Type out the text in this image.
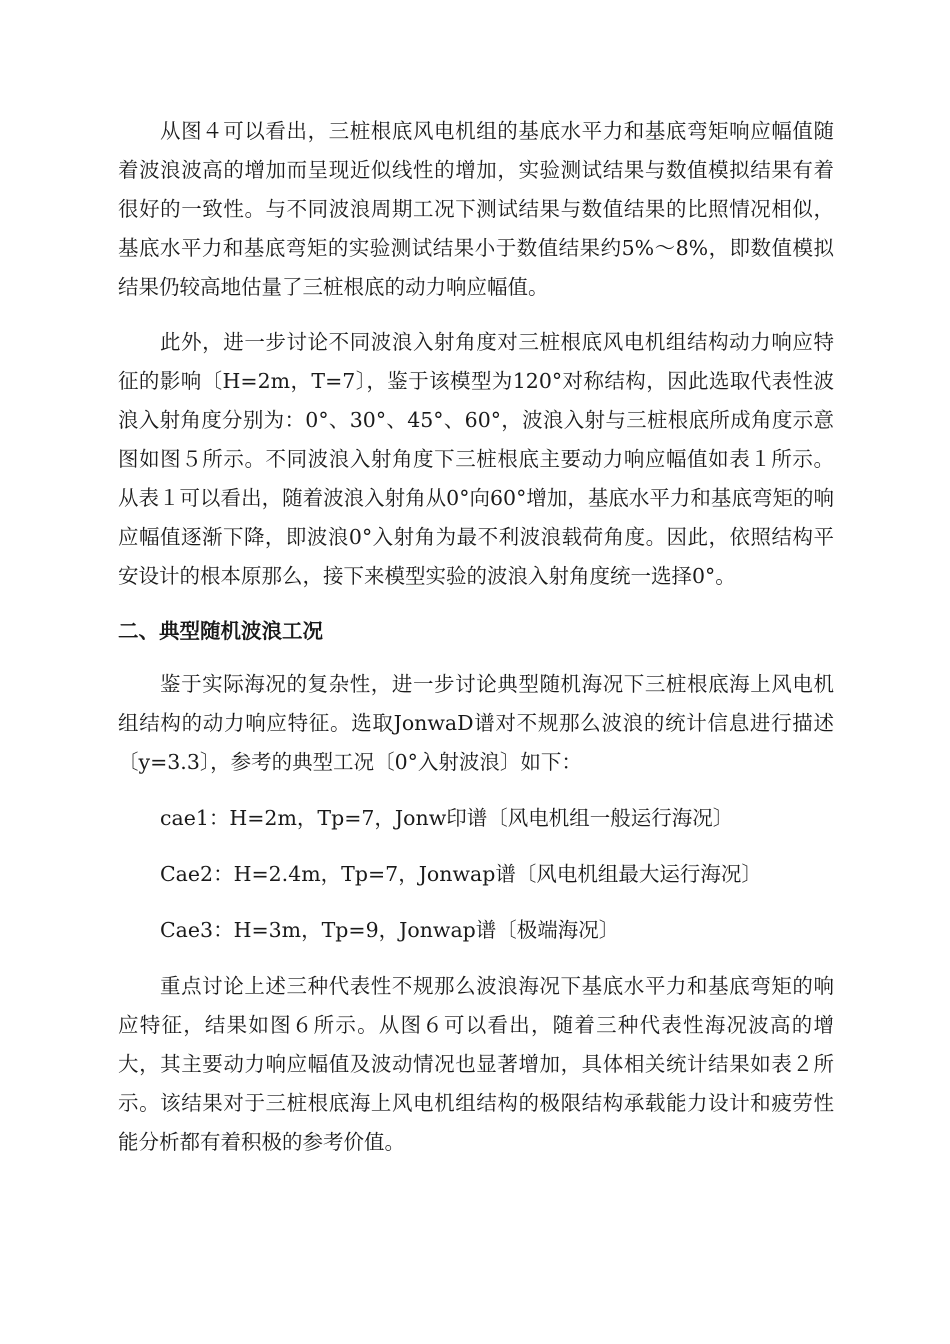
从图４可以看出，三桩根底风电机组的基底水平力和基底弯矩响应幅值随着波浪波高的增加而呈现近似线性的增加，实验测试结果与数值模拟结果有着很好的一致性。与不同波浪周期工况下测试结果与数值结果的比照情况相似，基底水平力和基底弯矩的实验测试结果小于数值结果约5%～8%，即数值模拟结果仍较高地估量了三桩根底的动力响应幅值。

此外，进一步讨论不同波浪入射角度对三桩根底风电机组结构动力响应特征的影响〔H=2m，T=7〕，鉴于该模型为120°对称结构，因此选取代表性波浪入射角度分别为：0°、30°、45°、60°，波浪入射与三桩根底所成角度示意图如图５所示。不同波浪入射角度下三桩根底主要动力响应幅值如表１所示。从表１可以看出，随着波浪入射角从0°向60°增加，基底水平力和基底弯矩的响应幅值逐渐下降，即波浪0°入射角为最不利波浪载荷角度。因此，依照结构平安设计的根本原那么，接下来模型实验的波浪入射角度统一选择0°。

二、典型随机波浪工况

鉴于实际海况的复杂性，进一步讨论典型随机海况下三桩根底海上风电机组结构的动力响应特征。选取JonwaD谱对不规那么波浪的统计信息进行描述〔y=3.3〕，参考的典型工况〔0°入射波浪〕如下：

cae1：H=2m，Tp=7，Jonw印谱〔风电机组一般运行海况〕

Cae2：H=2.4m，Tp=7，Jonwap谱〔风电机组最大运行海况〕

Cae3：H=3m，Tp=9，Jonwap谱〔极端海况〕

重点讨论上述三种代表性不规那么波浪海况下基底水平力和基底弯矩的响应特征，结果如图６所示。从图６可以看出，随着三种代表性海况波高的增大，其主要动力响应幅值及波动情况也显著增加，具体相关统计结果如表２所示。该结果对于三桩根底海上风电机组结构的极限结构承载能力设计和疲劳性能分析都有着积极的参考价值。
